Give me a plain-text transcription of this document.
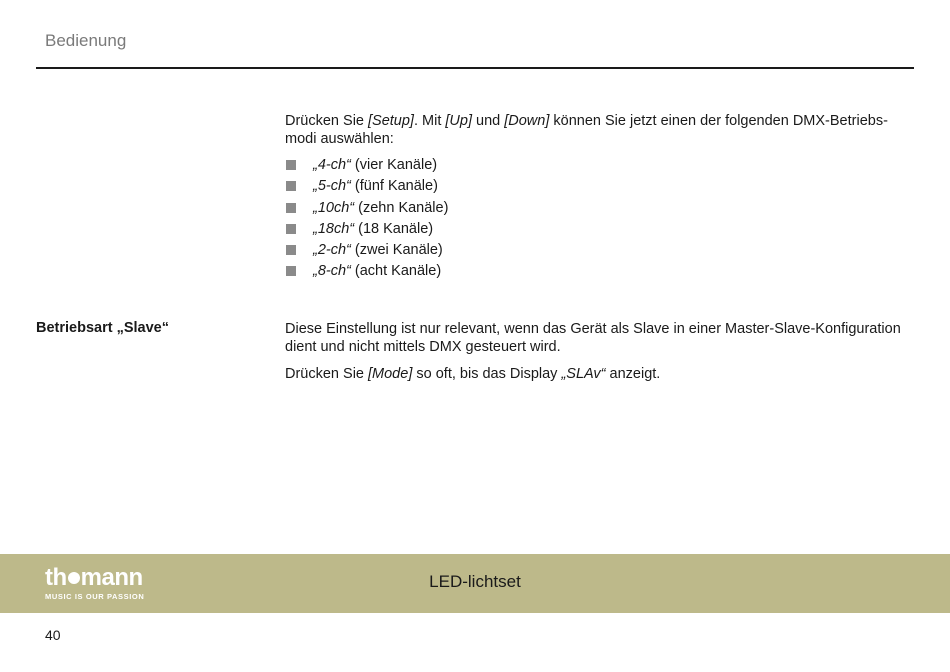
Bedienung
Drücken Sie [Setup]. Mit [Up] und [Down] können Sie jetzt einen der folgenden DMX-Betriebs-
modi auswählen:
„4-ch“ (vier Kanäle)
„5-ch“ (fünf Kanäle)
„10ch“ (zehn Kanäle)
„18ch“ (18 Kanäle)
„2-ch“ (zwei Kanäle)
„8-ch“ (acht Kanäle)
Betriebsart „Slave“	Diese Einstellung ist nur relevant, wenn das Gerät als Slave in einer Master-Slave-Konfiguration
dient und nicht mittels DMX gesteuert wird.
Drücken Sie [Mode] so oft, bis das Display „SLAv“ anzeigt.
th mann
MUSIC IS OUR PASSION
LED-lichtset
40
